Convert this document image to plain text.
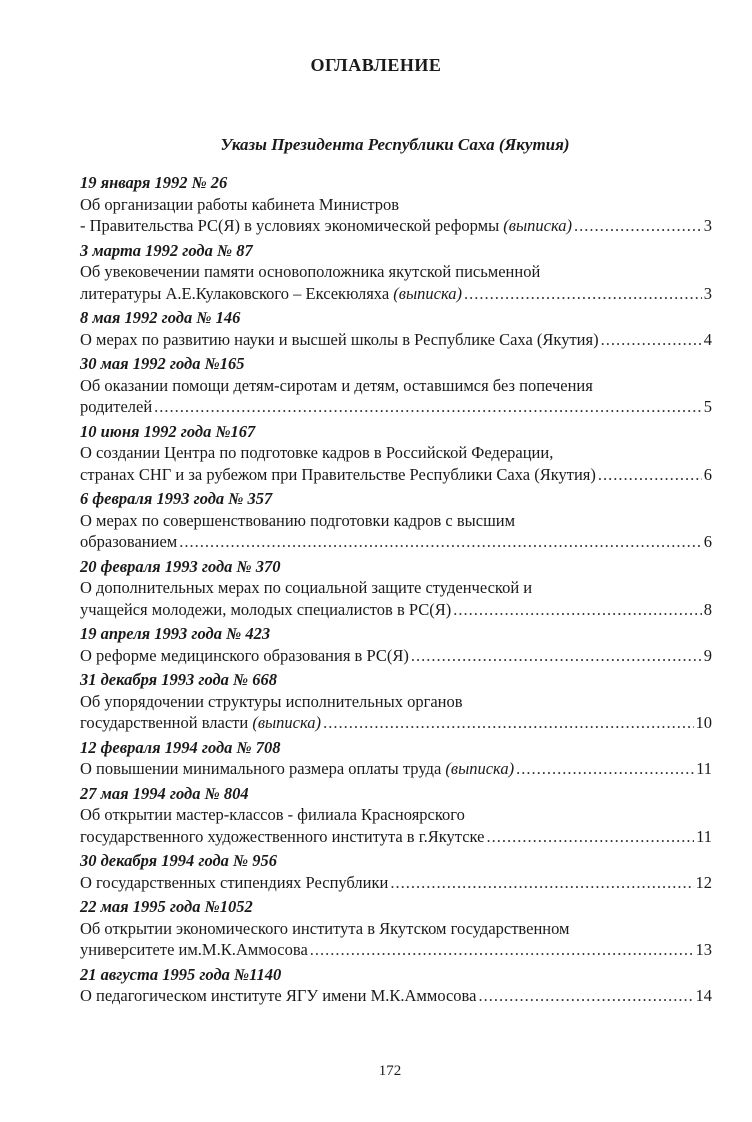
ОГЛАВЛЕНИЕ
Указы Президента Республики Саха (Якутия)
19 января 1992 № 26
Об организации работы кабинета Министров
- Правительства РС(Я) в условиях экономической реформы (выписка) .....	3
3 марта 1992 года № 87
Об увековечении памяти основоположника якутской письменной
литературы А.Е.Кулаковского – Ексекюляха (выписка) .....	3
8 мая 1992 года № 146
О мерах по развитию науки и высшей школы в Республике Саха (Якутия) .....	4
30 мая 1992 года №165
Об оказании помощи детям-сиротам и детям, оставшимся без попечения
родителей .....	5
10 июня 1992 года №167
О создании Центра по подготовке кадров в Российской Федерации,
странах СНГ и за рубежом при Правительстве Республики Саха (Якутия) .....	6
6 февраля 1993 года № 357
О мерах по совершенствованию подготовки кадров с высшим
образованием .....	6
20 февраля 1993 года № 370
О дополнительных мерах по социальной защите студенческой и
учащейся молодежи, молодых специалистов в РС(Я) .....	8
19 апреля 1993 года № 423
О реформе медицинского образования в РС(Я) .....	9
31 декабря 1993 года № 668
Об упорядочении структуры исполнительных органов
государственной власти (выписка) .....	10
12 февраля 1994 года № 708
О повышении минимального размера оплаты труда (выписка) .....	11
27 мая 1994 года № 804
Об открытии мастер-классов - филиала Красноярского
государственного художественного института в г.Якутске .....	11
30 декабря 1994 года № 956
О государственных стипендиях Республики .....	12
22 мая 1995 года №1052
Об открытии экономического института в Якутском государственном
университете им.М.К.Аммосова .....	13
21 августа 1995 года №1140
О педагогическом институте ЯГУ имени М.К.Аммосова .....	14
172
